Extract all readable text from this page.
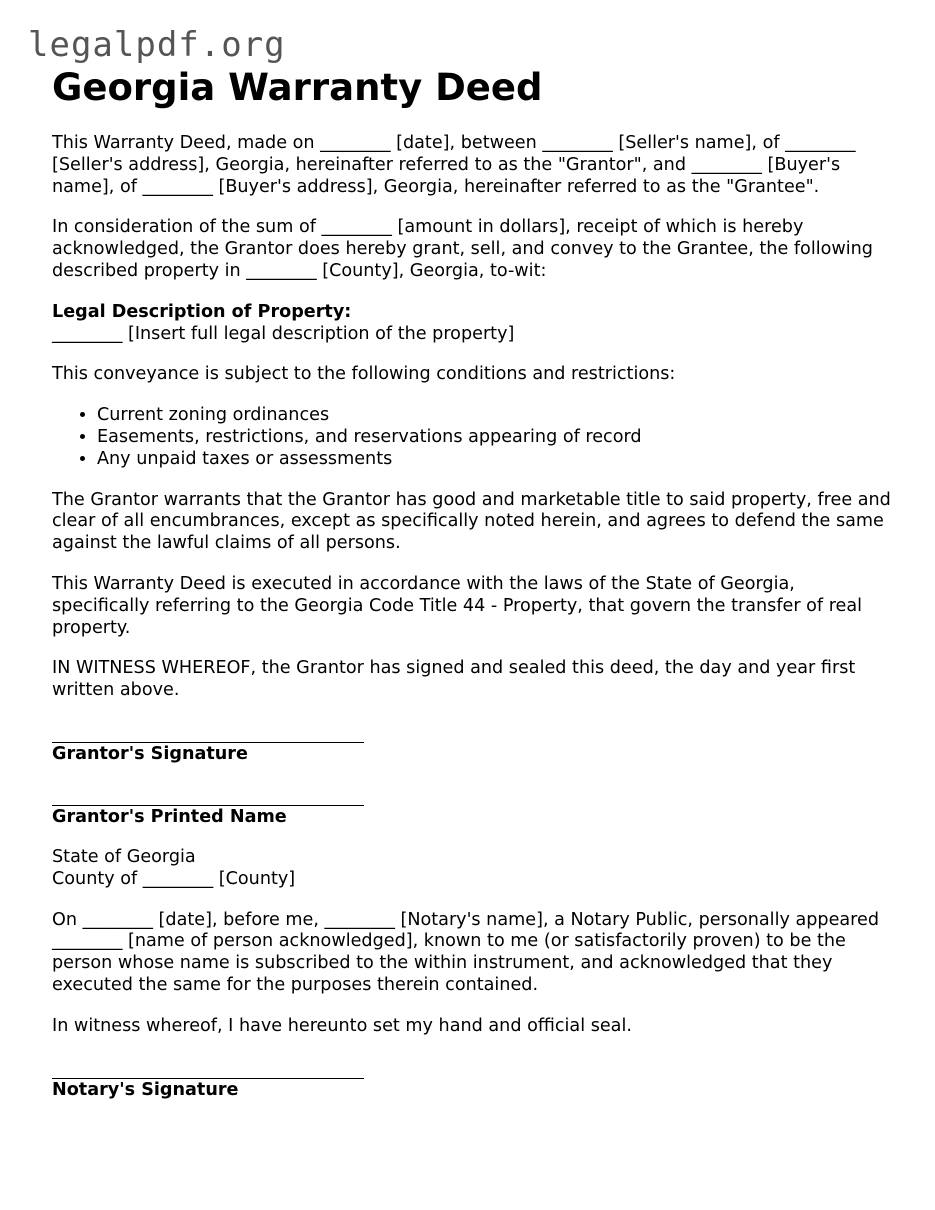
legalpdf.org
Georgia Warranty Deed

This Warranty Deed, made on ________ [date], between ________ [Seller's name], of ________ [Seller's address], Georgia, hereinafter referred to as the "Grantor", and ________ [Buyer's name], of ________ [Buyer's address], Georgia, hereinafter referred to as the "Grantee".

In consideration of the sum of ________ [amount in dollars], receipt of which is hereby acknowledged, the Grantor does hereby grant, sell, and convey to the Grantee, the following described property in ________ [County], Georgia, to-wit:

Legal Description of Property:

________ [Insert full legal description of the property]

This conveyance is subject to the following conditions and restrictions:

• Current zoning ordinances
• Easements, restrictions, and reservations appearing of record
• Any unpaid taxes or assessments

The Grantor warrants that the Grantor has good and marketable title to said property, free and clear of all encumbrances, except as specifically noted herein, and agrees to defend the same against the lawful claims of all persons.

This Warranty Deed is executed in accordance with the laws of the State of Georgia, specifically referring to the Georgia Code Title 44 - Property, that govern the transfer of real property.

IN WITNESS WHEREOF, the Grantor has signed and sealed this deed, the day and year first written above.

Grantor's Signature

Grantor's Printed Name

State of Georgia

County of ________ [County]

On ________ [date], before me, ________ [Notary's name], a Notary Public, personally appeared ________ [name of person acknowledged], known to me (or satisfactorily proven) to be the person whose name is subscribed to the within instrument, and acknowledged that they executed the same for the purposes therein contained.

In witness whereof, I have hereunto set my hand and official seal.

Notary's Signature
